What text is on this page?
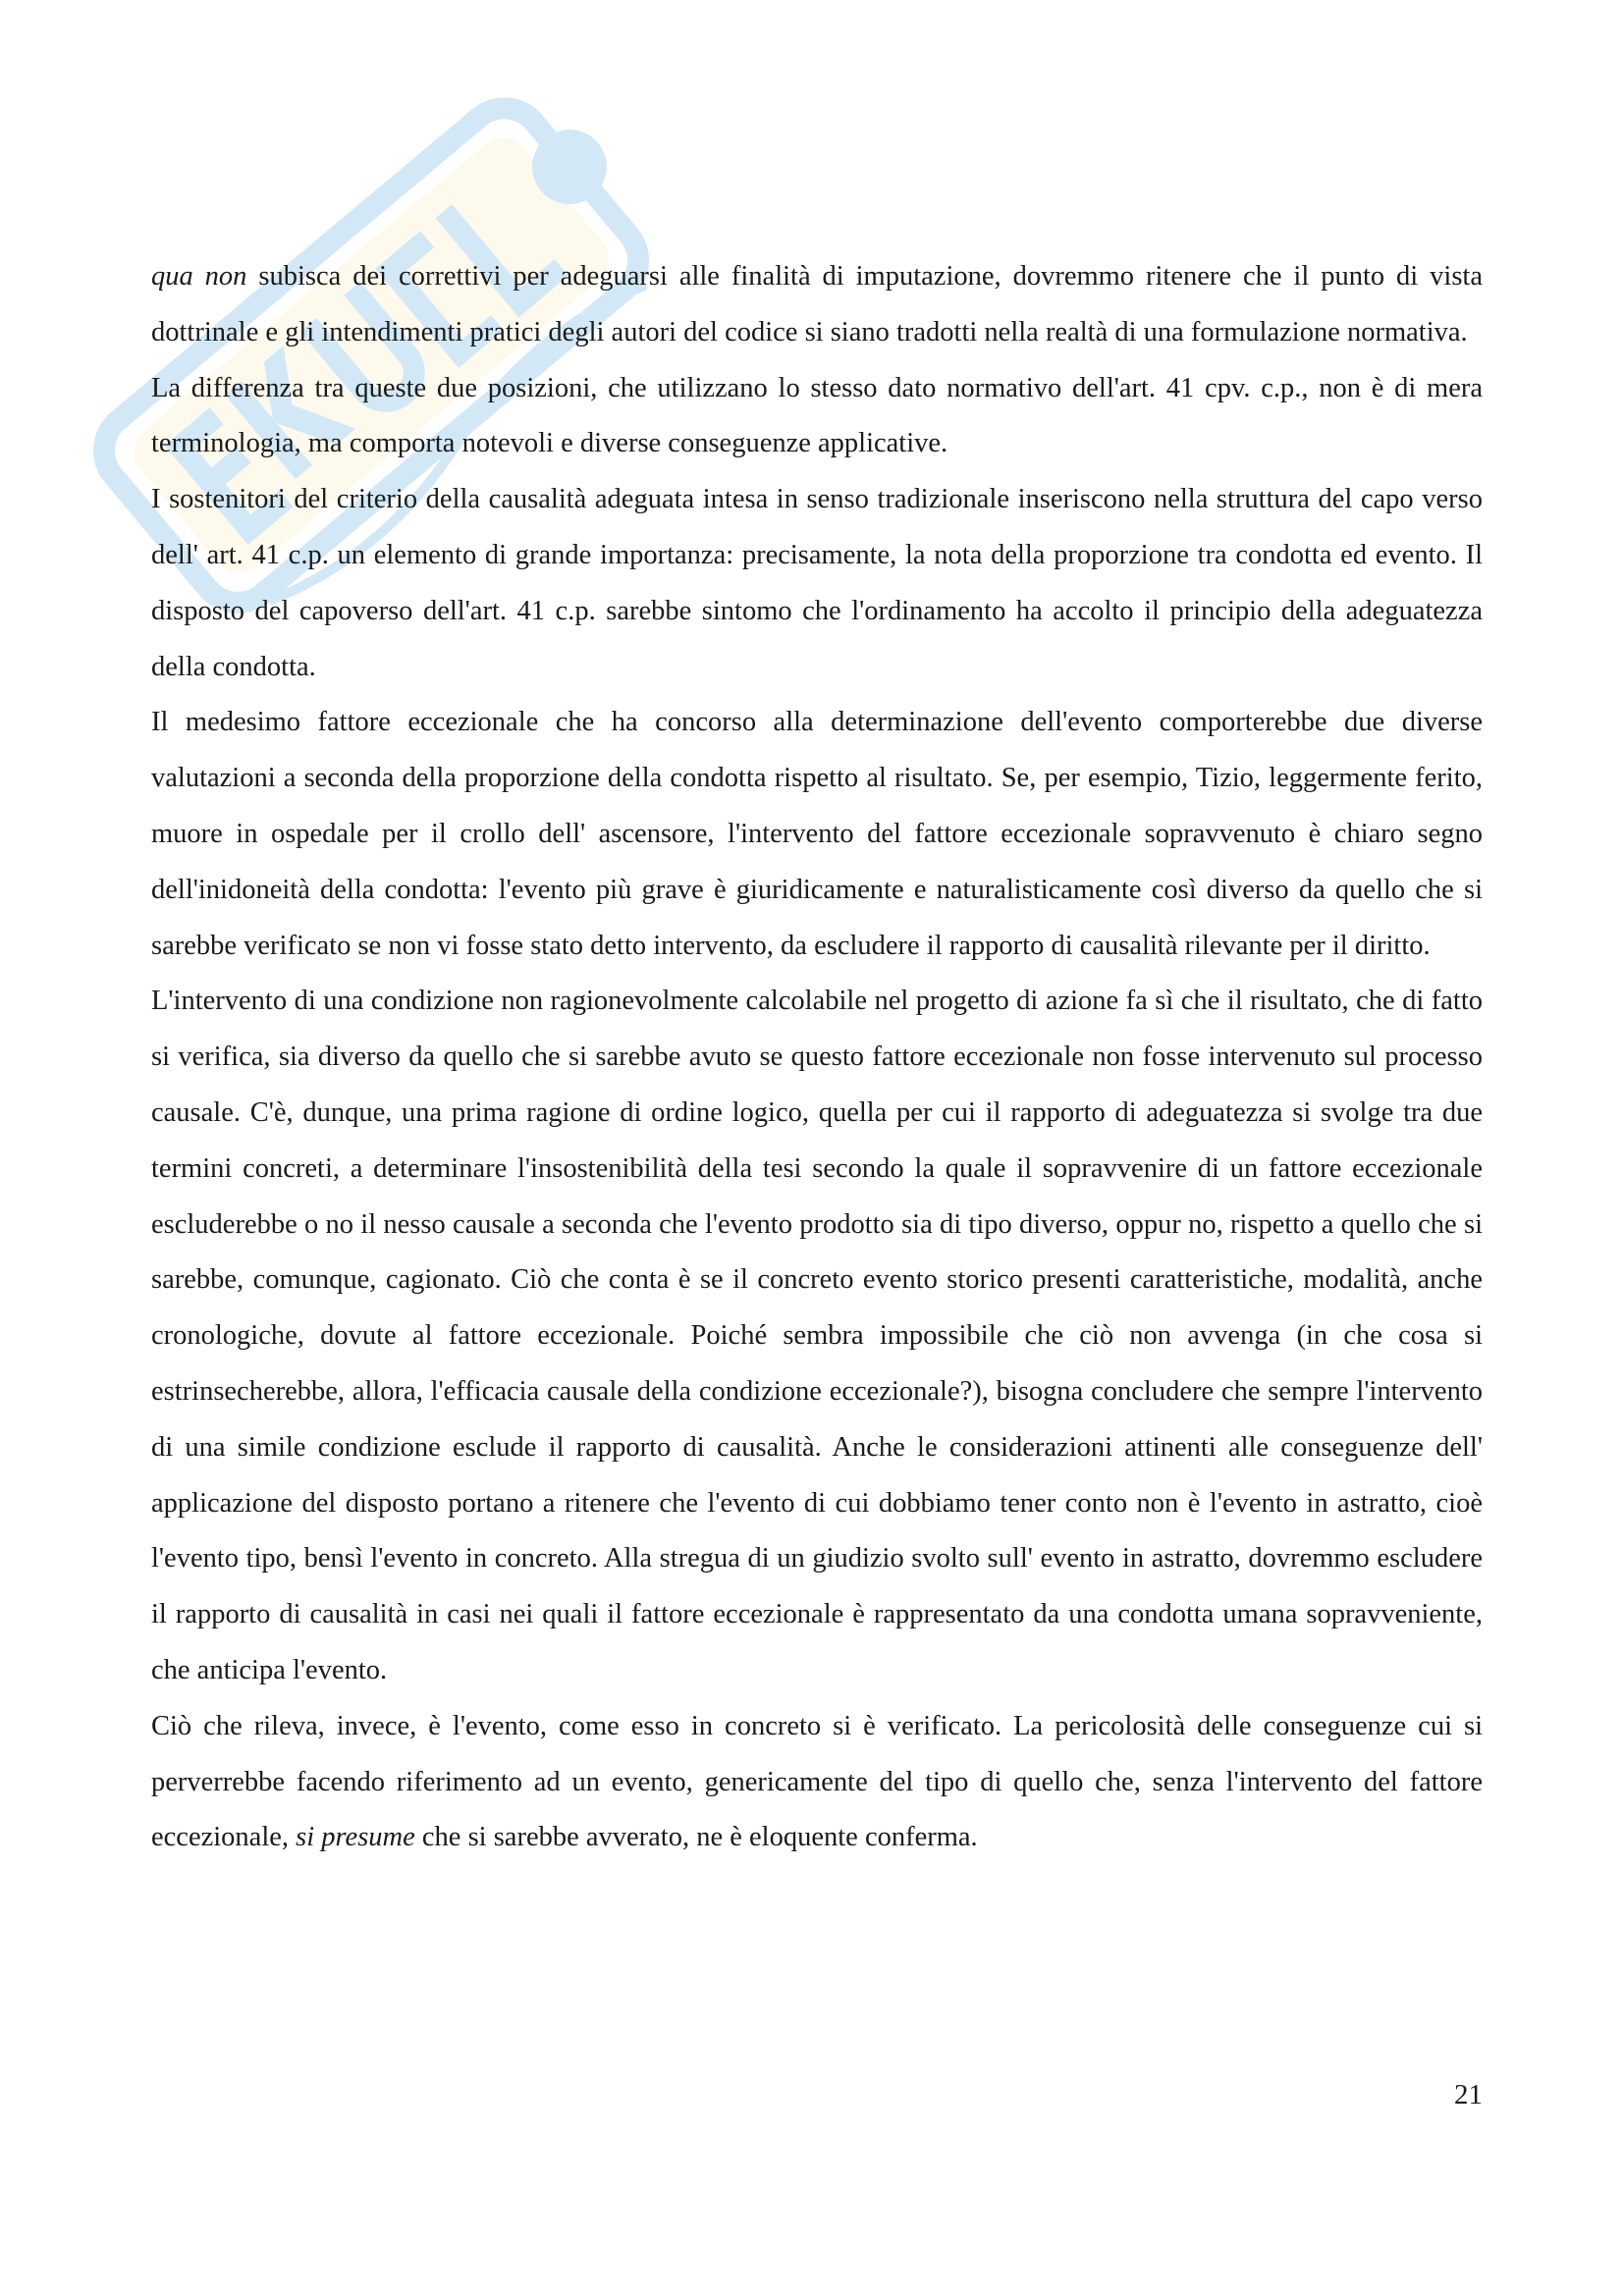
qua non subisca dei correttivi per adeguarsi alle finalità di imputazione, dovremmo ritenere che il punto di vista dottrinale e gli intendimenti pratici degli autori del codice si siano tradotti nella realtà di una formulazione normativa.

La differenza tra queste due posizioni, che utilizzano lo stesso dato normativo dell'art. 41 cpv. c.p., non è di mera terminologia, ma comporta notevoli e diverse conseguenze applicative.

I sostenitori del criterio della causalità adeguata intesa in senso tradizionale inseriscono nella struttura del capo verso dell' art. 41 c.p. un elemento di grande importanza: precisamente, la nota della proporzione tra condotta ed evento. Il disposto del capoverso dell'art. 41 c.p. sarebbe sintomo che l'ordinamento ha accolto il principio della adeguatezza della condotta.

Il medesimo fattore eccezionale che ha concorso alla determinazione dell'evento comporterebbe due diverse valutazioni a seconda della proporzione della condotta rispetto al risultato. Se, per esempio, Tizio, leggermente ferito, muore in ospedale per il crollo dell' ascensore, l'intervento del fattore eccezionale sopravvenuto è chiaro segno dell'inidoneità della condotta: l'evento più grave è giuridicamente e naturalisticamente così diverso da quello che si sarebbe verificato se non vi fosse stato detto intervento, da escludere il rapporto di causalità rilevante per il diritto.

L'intervento di una condizione non ragionevolmente calcolabile nel progetto di azione fa sì che il risultato, che di fatto si verifica, sia diverso da quello che si sarebbe avuto se questo fattore eccezionale non fosse intervenuto sul processo causale. C'è, dunque, una prima ragione di ordine logico, quella per cui il rapporto di adeguatezza si svolge tra due termini concreti, a determinare l'insostenibilità della tesi secondo la quale il sopravvenire di un fattore eccezionale escluderebbe o no il nesso causale a seconda che l'evento prodotto sia di tipo diverso, oppur no, rispetto a quello che si sarebbe, comunque, cagionato. Ciò che conta è se il concreto evento storico presenti caratteristiche, modalità, anche cronologiche, dovute al fattore eccezionale. Poiché sembra impossibile che ciò non avvenga (in che cosa si estrinsecherebbe, allora, l'efficacia causale della condizione eccezionale?), bisogna concludere che sempre l'intervento di una simile condizione esclude il rapporto di causalità. Anche le considerazioni attinenti alle conseguenze dell' applicazione del disposto portano a ritenere che l'evento di cui dobbiamo tener conto non è l'evento in astratto, cioè l'evento tipo, bensì l'evento in concreto. Alla stregua di un giudizio svolto sull' evento in astratto, dovremmo escludere il rapporto di causalità in casi nei quali il fattore eccezionale è rappresentato da una condotta umana sopravveniente, che anticipa l'evento.

Ciò che rileva, invece, è l'evento, come esso in concreto si è verificato. La pericolosità delle conseguenze cui si perverrebbe facendo riferimento ad un evento, genericamente del tipo di quello che, senza l'intervento del fattore eccezionale, si presume che si sarebbe avverato, ne è eloquente conferma.

21
